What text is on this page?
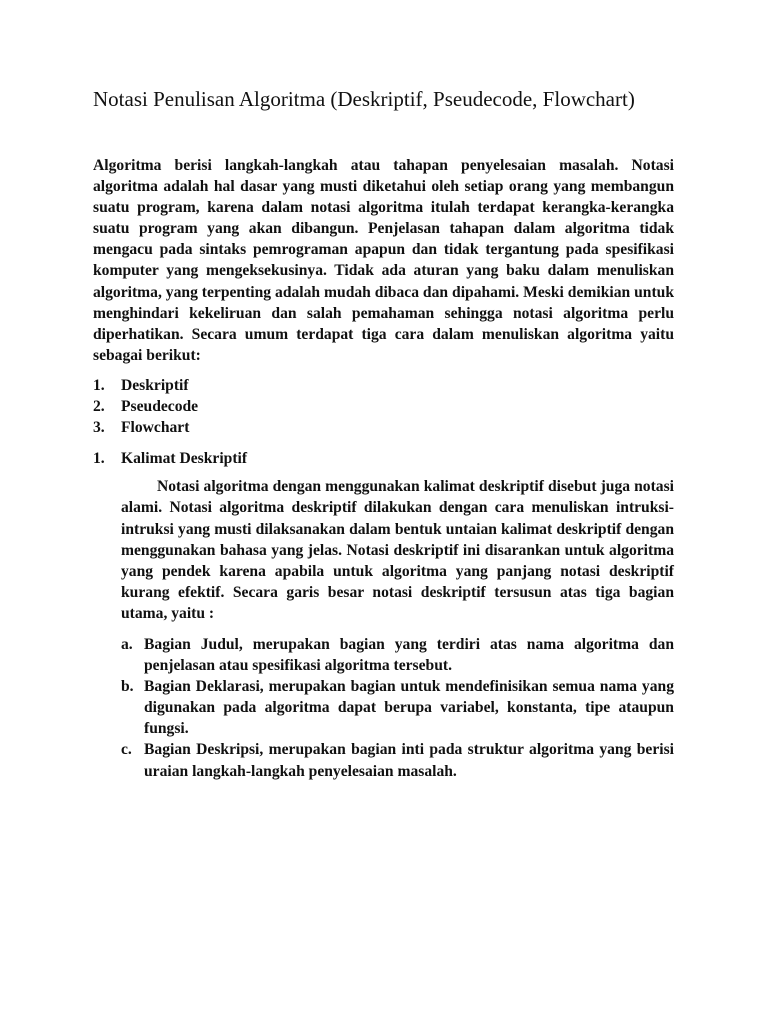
Notasi Penulisan Algoritma (Deskriptif, Pseudecode, Flowchart)

Algoritma berisi langkah-langkah atau tahapan penyelesaian masalah. Notasi algoritma adalah hal dasar yang musti diketahui oleh setiap orang yang membangun suatu program, karena dalam notasi algoritma itulah terdapat kerangka-kerangka suatu program yang akan dibangun. Penjelasan tahapan dalam algoritma tidak mengacu pada sintaks pemrograman apapun dan tidak tergantung pada spesifikasi komputer yang mengeksekusinya. Tidak ada aturan yang baku dalam menuliskan algoritma, yang terpenting adalah mudah dibaca dan dipahami. Meski demikian untuk menghindari kekeliruan dan salah pemahaman sehingga notasi algoritma perlu diperhatikan. Secara umum terdapat tiga cara dalam menuliskan algoritma yaitu sebagai berikut:

1.	Deskriptif
2.	Pseudecode
3.	Flowchart
1.	Kalimat Deskriptif

Notasi algoritma dengan menggunakan kalimat deskriptif disebut juga notasi alami. Notasi algoritma deskriptif dilakukan dengan cara menuliskan intruksi-intruksi yang musti dilaksanakan dalam bentuk untaian kalimat deskriptif dengan menggunakan bahasa yang jelas. Notasi deskriptif ini disarankan untuk algoritma yang pendek karena apabila untuk algoritma yang panjang notasi deskriptif kurang efektif. Secara garis besar notasi deskriptif tersusun atas tiga bagian utama, yaitu :

a. Bagian Judul, merupakan bagian yang terdiri atas nama algoritma dan penjelasan atau spesifikasi algoritma tersebut.
b. Bagian Deklarasi, merupakan bagian untuk mendefinisikan semua nama yang digunakan pada algoritma dapat berupa variabel, konstanta, tipe ataupun fungsi.
c. Bagian Deskripsi, merupakan bagian inti pada struktur algoritma yang berisi uraian langkah-langkah penyelesaian masalah.
